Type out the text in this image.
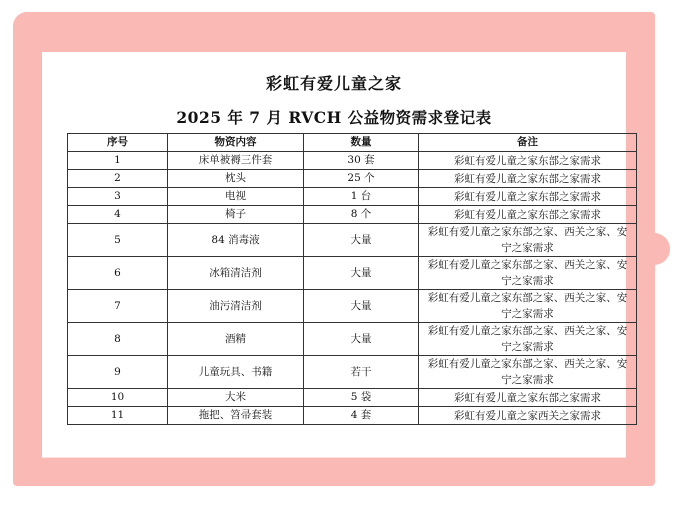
彩虹有爱儿童之家
2025 年 7 月 RVCH 公益物资需求登记表
序号	物资内容	数量	备注
1	床单被褥三件套	30 套	彩虹有爱儿童之家东部之家需求
2	枕头	25 个	彩虹有爱儿童之家东部之家需求
3	电视	1 台	彩虹有爱儿童之家东部之家需求
4	椅子	8 个	彩虹有爱儿童之家东部之家需求
5	84 消毒液	大量	彩虹有爱儿童之家东部之家、西关之家、安宁之家需求
6	冰箱清洁剂	大量	彩虹有爱儿童之家东部之家、西关之家、安宁之家需求
7	油污清洁剂	大量	彩虹有爱儿童之家东部之家、西关之家、安宁之家需求
8	酒精	大量	彩虹有爱儿童之家东部之家、西关之家、安宁之家需求
9	儿童玩具、书籍	若干	彩虹有爱儿童之家东部之家、西关之家、安宁之家需求
10	大米	5 袋	彩虹有爱儿童之家东部之家需求
11	拖把、笤帚套装	4 套	彩虹有爱儿童之家西关之家需求
